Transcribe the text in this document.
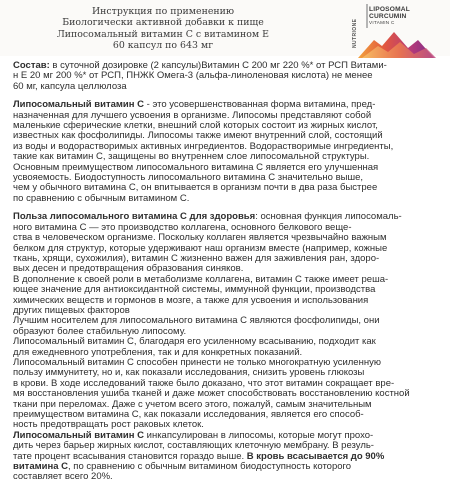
Инструкция по применению
Биологически активной добавки к пище
Липосомальный витамин С с витамином Е
60 капсул по 643 мг
LIPOSOMAL
CURCUMIN
VITAMIN C
NUTRIONE

Состав: в суточной дозировке (2 капсулы)Витамин С 200 мг 220 %* от РСП Витами-
н Е 20 мг 200 %* от РСП, ПНЖК Омега-3 (альфа-линоленовая кислота) не менее
60 мг, капсула целлюлоза

Липосомальный витамин С - это усовершенствованная форма витамина, пред-
назначенная для лучшего усвоения в организме. Липосомы представляют собой
маленькие сферические клетки, внешний слой которых состоит из жирных кислот,
известных как фосфолипиды. Липосомы также имеют внутренний слой, состоящий
из воды и водорастворимых активных ингредиентов. Водорастворимые ингредиенты,
такие как витамин С, защищены во внутреннем слое липосомальной структуры.
Основным преимуществом липосомального витамина С является его улучшенная
усвояемость. Биодоступность липосомального витамина С значительно выше,
чем у обычного витамина С, он впитывается в организм почти в два раза быстрее
по сравнению с обычным витамином С.

Польза липосомального витамина С для здоровья: основная функция липосомаль-
ного витамина С — это производство коллагена, основного белкового веще-
ства в человеческом организме. Поскольку коллаген является чрезвычайно важным
белком для структур, которые удерживают наш организм вместе (например, кожные
ткань, хрящи, сухожилия), витамин С жизненно важен для заживления ран, здоро-
вых десен и предотвращения образования синяков.
В дополнение к своей роли в метаболизме коллагена, витамин С также имеет реша-
ющее значение для антиоксидантной системы, иммунной функции, производства
химических веществ и гормонов в мозге, а также для усвоения и использования
других пищевых факторов
Лучшим носителем для липосомального витамина С являются фосфолипиды, они
образуют более стабильную липосому.
Липосомальный витамин С, благодаря его усиленному всасыванию, подходит как
для ежедневного употребления, так и для конкретных показаний.
Липосомальный витамин С способен принести не только многократную усиленную
пользу иммунитету, но и, как показали исследования, снизить уровень глюкозы
в крови. В ходе исследований также было доказано, что этот витамин сокращает вре-
мя восстановления ушиба тканей и даже может способствовать восстановлению костной
ткани при переломах. Даже с учетом всего этого, пожалуй, самым значительным
преимуществом витамина С, как показали исследования, является его способ-
ность предотвращать рост раковых клеток.

Липосомальный витамин С инкапсулирован в липосомы, которые могут прохо-
дить через барьер жирных кислот, составляющих клеточную мембрану. В резуль-
тате процент всасывания становится гораздо выше. В кровь всасывается до 90%
витамина С, по сравнению с обычным витамином биодоступность которого
составляет всего 20%.
